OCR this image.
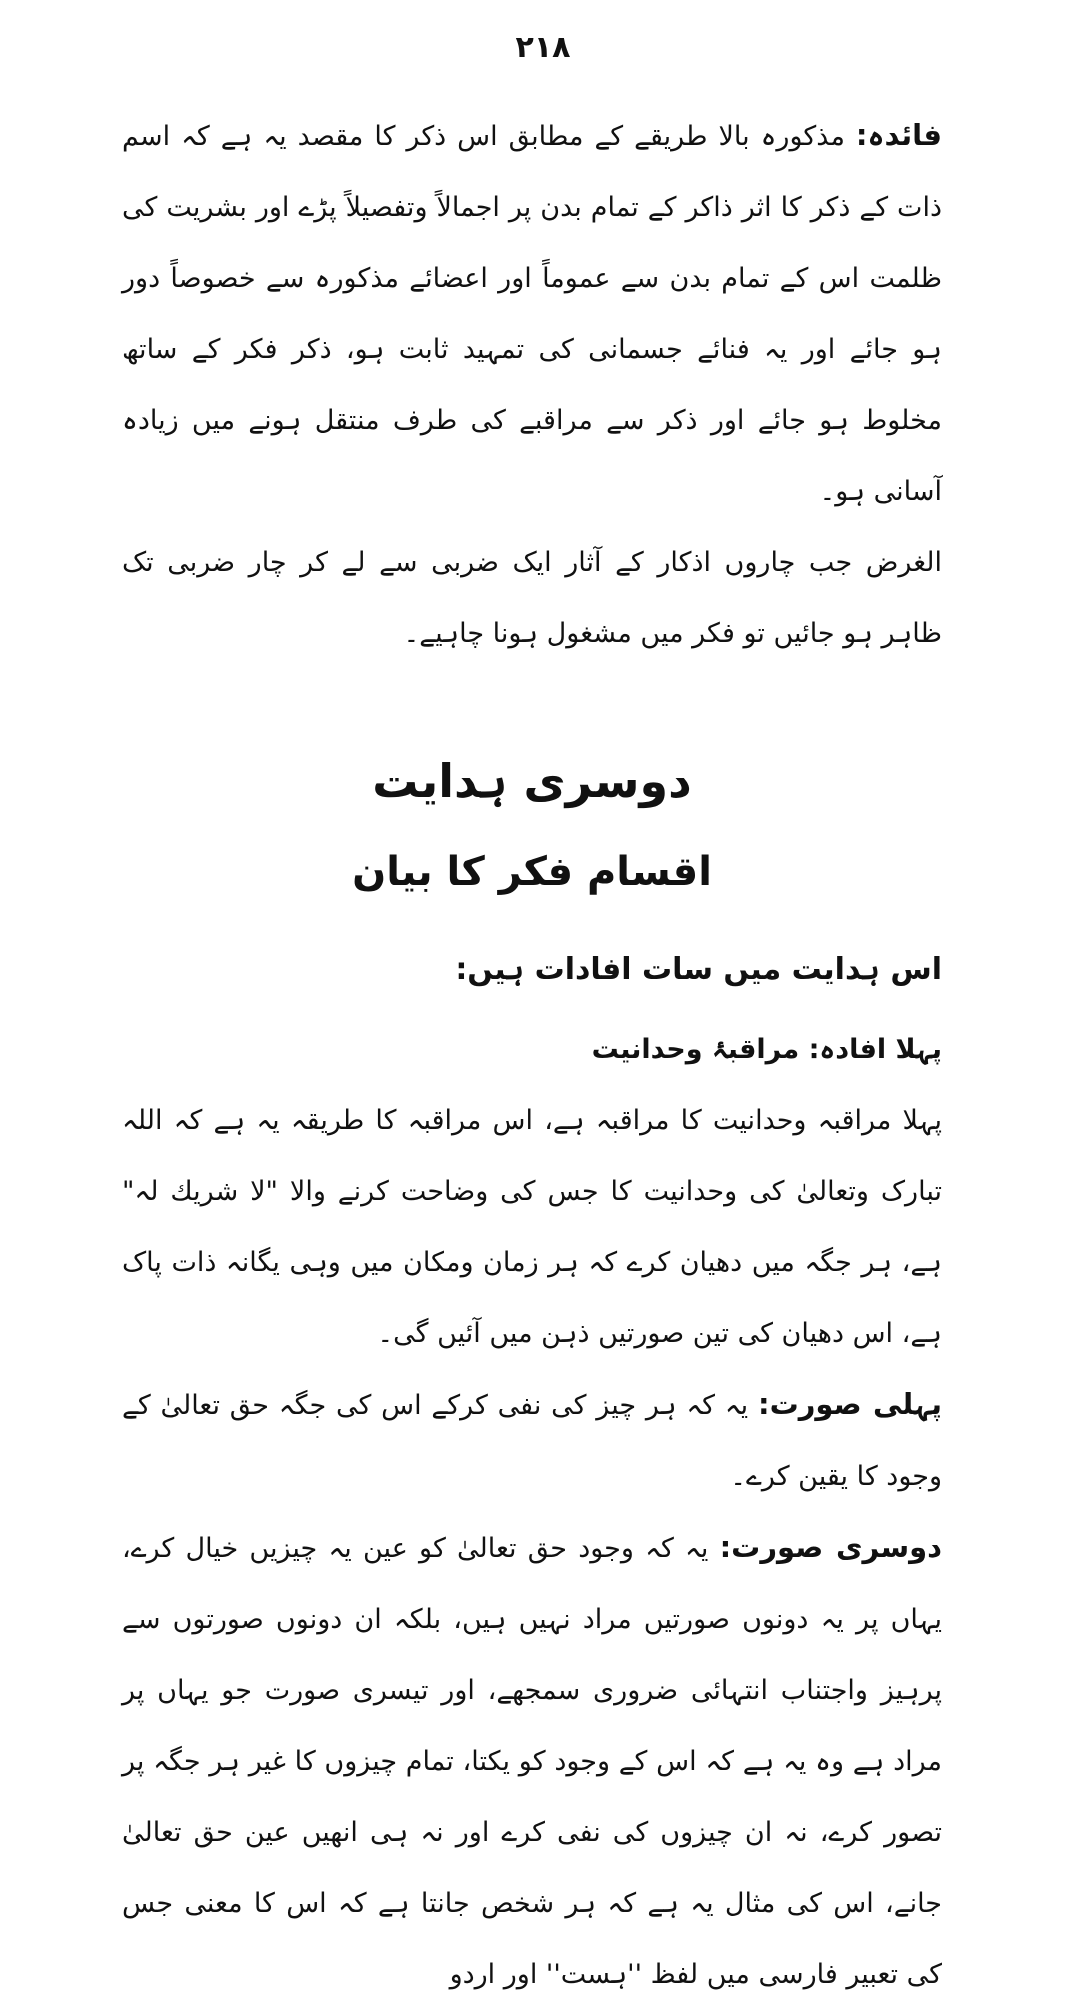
۲۱۸

فائدہ: مذکورہ بالا طریقے کے مطابق اس ذکر کا مقصد یہ ہے کہ اسم ذات کے ذکر کا اثر ذاکر کے تمام بدن پر اجمالاً وتفصیلاً پڑے اور بشریت کی ظلمت اس کے تمام بدن سے عموماً اور اعضائے مذکورہ سے خصوصاً دور ہو جائے اور یہ فنائے جسمانی کی تمہید ثابت ہو، ذکر فکر کے ساتھ مخلوط ہو جائے اور ذکر سے مراقبے کی طرف منتقل ہونے میں زیادہ آسانی ہو۔

الغرض جب چاروں اذکار کے آثار ایک ضربی سے لے کر چار ضربی تک ظاہر ہو جائیں تو فکر میں مشغول ہونا چاہیے۔

دوسری ہدایت
اقسام فکر کا بیان
اس ہدایت میں سات افادات ہیں:
پہلا افادہ: مراقبۂ وحدانیت

پہلا مراقبہ وحدانیت کا مراقبہ ہے، اس مراقبہ کا طریقہ یہ ہے کہ اللہ تبارک وتعالیٰ کی وحدانیت کا جس کی وضاحت کرنے والا "لا شریك لہ" ہے، ہر جگہ میں دھیان کرے کہ ہر زمان ومکان میں وہی یگانہ ذات پاک ہے، اس دھیان کی تین صورتیں ذہن میں آئیں گی۔

پہلی صورت: یہ کہ ہر چیز کی نفی کرکے اس کی جگہ حق تعالیٰ کے وجود کا یقین کرے۔

دوسری صورت: یہ کہ وجود حق تعالیٰ کو عین یہ چیزیں خیال کرے، یہاں پر یہ دونوں صورتیں مراد نہیں ہیں، بلکہ ان دونوں صورتوں سے پرہیز واجتناب انتہائی ضروری سمجھے، اور تیسری صورت جو یہاں پر مراد ہے وہ یہ ہے کہ اس کے وجود کو یکتا، تمام چیزوں کا غیر ہر جگہ پر تصور کرے، نہ ان چیزوں کی نفی کرے اور نہ ہی انھیں عین حق تعالیٰ جانے، اس کی مثال یہ ہے کہ ہر شخص جانتا ہے کہ اس کا معنی جس کی تعبیر فارسی میں لفظ ''ہست'' اور اردو
